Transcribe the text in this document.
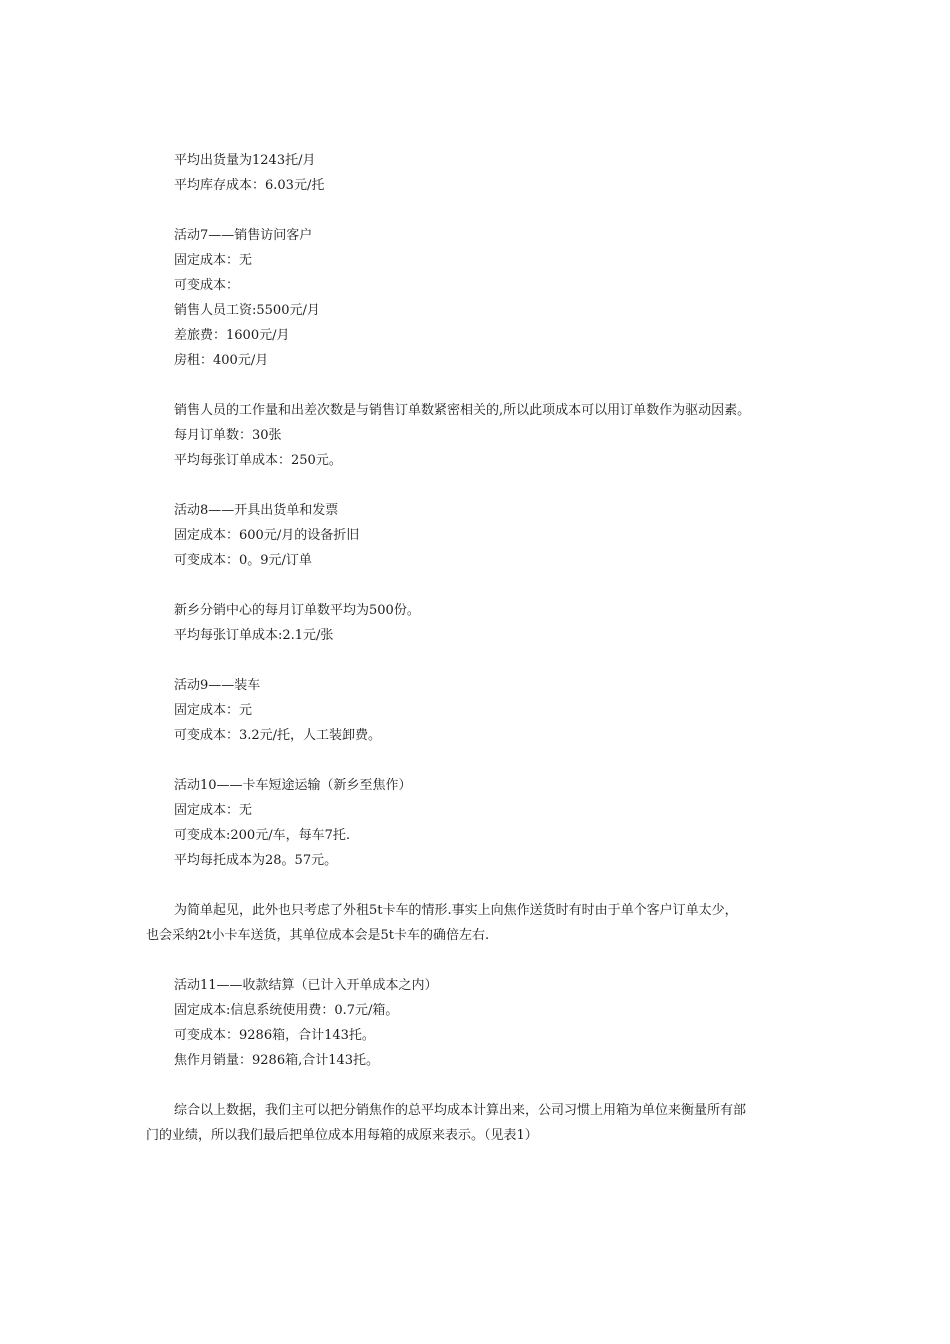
平均出货量为1243托/月
平均库存成本：6.03元/托
活动7——销售访问客户
固定成本：无
可变成本：
销售人员工资:5500元/月
差旅费：1600元/月
房租：400元/月
销售人员的工作量和出差次数是与销售订单数紧密相关的,所以此项成本可以用订单数作为驱动因素。
每月订单数：30张
平均每张订单成本：250元。
活动8——开具出货单和发票
固定成本：600元/月的设备折旧
可变成本：0。9元/订单
新乡分销中心的每月订单数平均为500份。
平均每张订单成本:2.1元/张
活动9——装车
固定成本：元
可变成本：3.2元/托，人工装卸费。
活动10——卡车短途运输（新乡至焦作）
固定成本：无
可变成本:200元/车，每车7托.
平均每托成本为28。57元。
为简单起见，此外也只考虑了外租5t卡车的情形.事实上向焦作送货时有时由于单个客户订单太少，
也会采纳2t小卡车送货，其单位成本会是5t卡车的确倍左右.
活动11——收款结算（已计入开单成本之内）
固定成本:信息系统使用费：0.7元/箱。
可变成本：9286箱，合计143托。
焦作月销量：9286箱,合计143托。
综合以上数据，我们主可以把分销焦作的总平均成本计算出来，公司习惯上用箱为单位来衡量所有部
门的业绩，所以我们最后把单位成本用每箱的成原来表示。（见表1）
